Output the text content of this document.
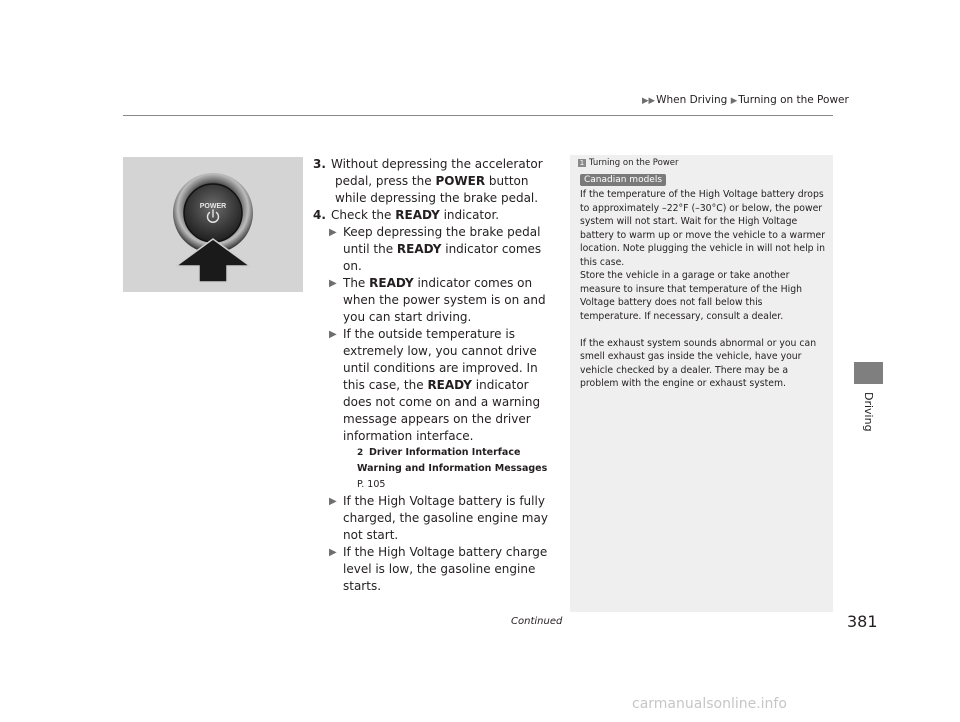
▶▶When Driving ▶Turning on the Power
POWER
3. Without depressing the accelerator pedal, press the POWER button while depressing the brake pedal.
4. Check the READY indicator.
▶ Keep depressing the brake pedal until the READY indicator comes on.
▶ The READY indicator comes on when the power system is on and you can start driving.
▶ If the outside temperature is extremely low, you cannot drive until conditions are improved. In this case, the READY indicator does not come on and a warning message appears on the driver information interface.
2 Driver Information Interface
Warning and Information Messages
P. 105
▶ If the High Voltage battery is fully charged, the gasoline engine may not start.
▶ If the High Voltage battery charge level is low, the gasoline engine starts.
1 Turning on the Power
Canadian models

If the temperature of the High Voltage battery drops to approximately –22°F (–30°C) or below, the power system will not start. Wait for the High Voltage battery to warm up or move the vehicle to a warmer location. Note plugging the vehicle in will not help in this case.

Store the vehicle in a garage or take another measure to insure that temperature of the High Voltage battery does not fall below this temperature. If necessary, consult a dealer.

If the exhaust system sounds abnormal or you can smell exhaust gas inside the vehicle, have your vehicle checked by a dealer. There may be a problem with the engine or exhaust system.

Driving
Continued	381
carmanualsonline.info
